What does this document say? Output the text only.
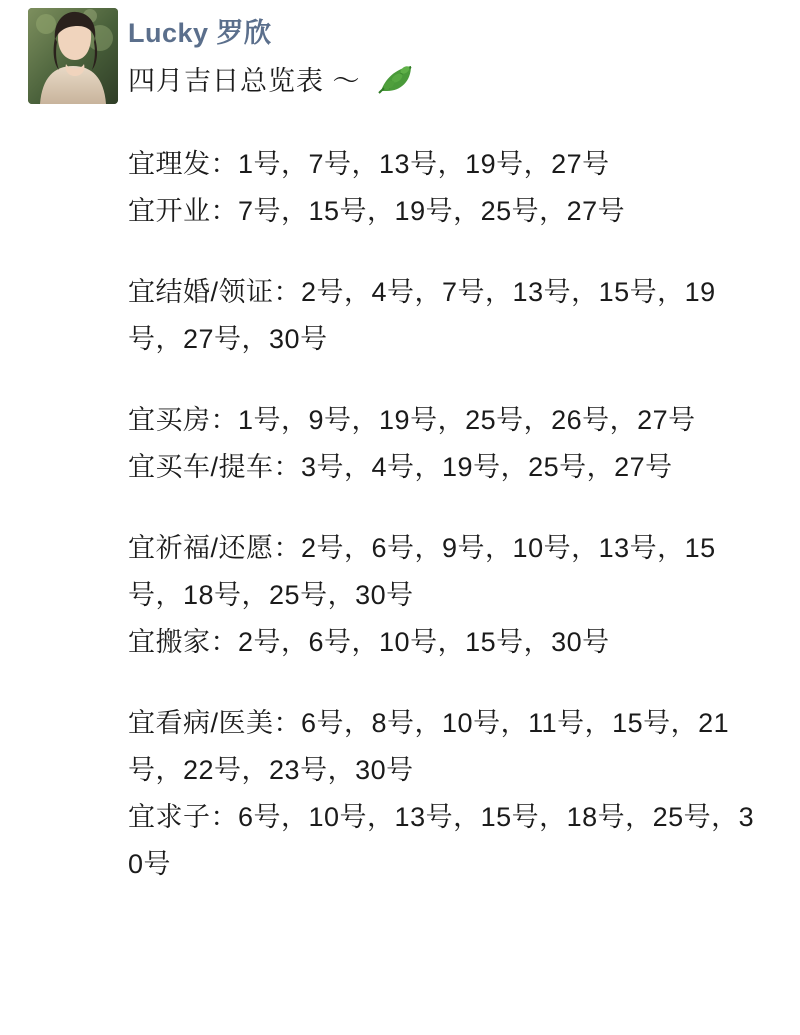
Lucky 罗欣
四月吉日总览表 ～
宜理发：1号，7号，13号，19号，27号
宜开业：7号，15号，19号，25号，27号
宜结婚/领证：2号，4号，7号，13号，15号，19号，27号，30号
宜买房：1号，9号，19号，25号，26号，27号
宜买车/提车：3号，4号，19号，25号，27号
宜祈福/还愿：2号，6号，9号，10号，13号，15号，18号，25号，30号
宜搬家：2号，6号，10号，15号，30号
宜看病/医美：6号，8号，10号，11号，15号，21号，22号，23号，30号
宜求子：6号，10号，13号，15号，18号，25号，30号
